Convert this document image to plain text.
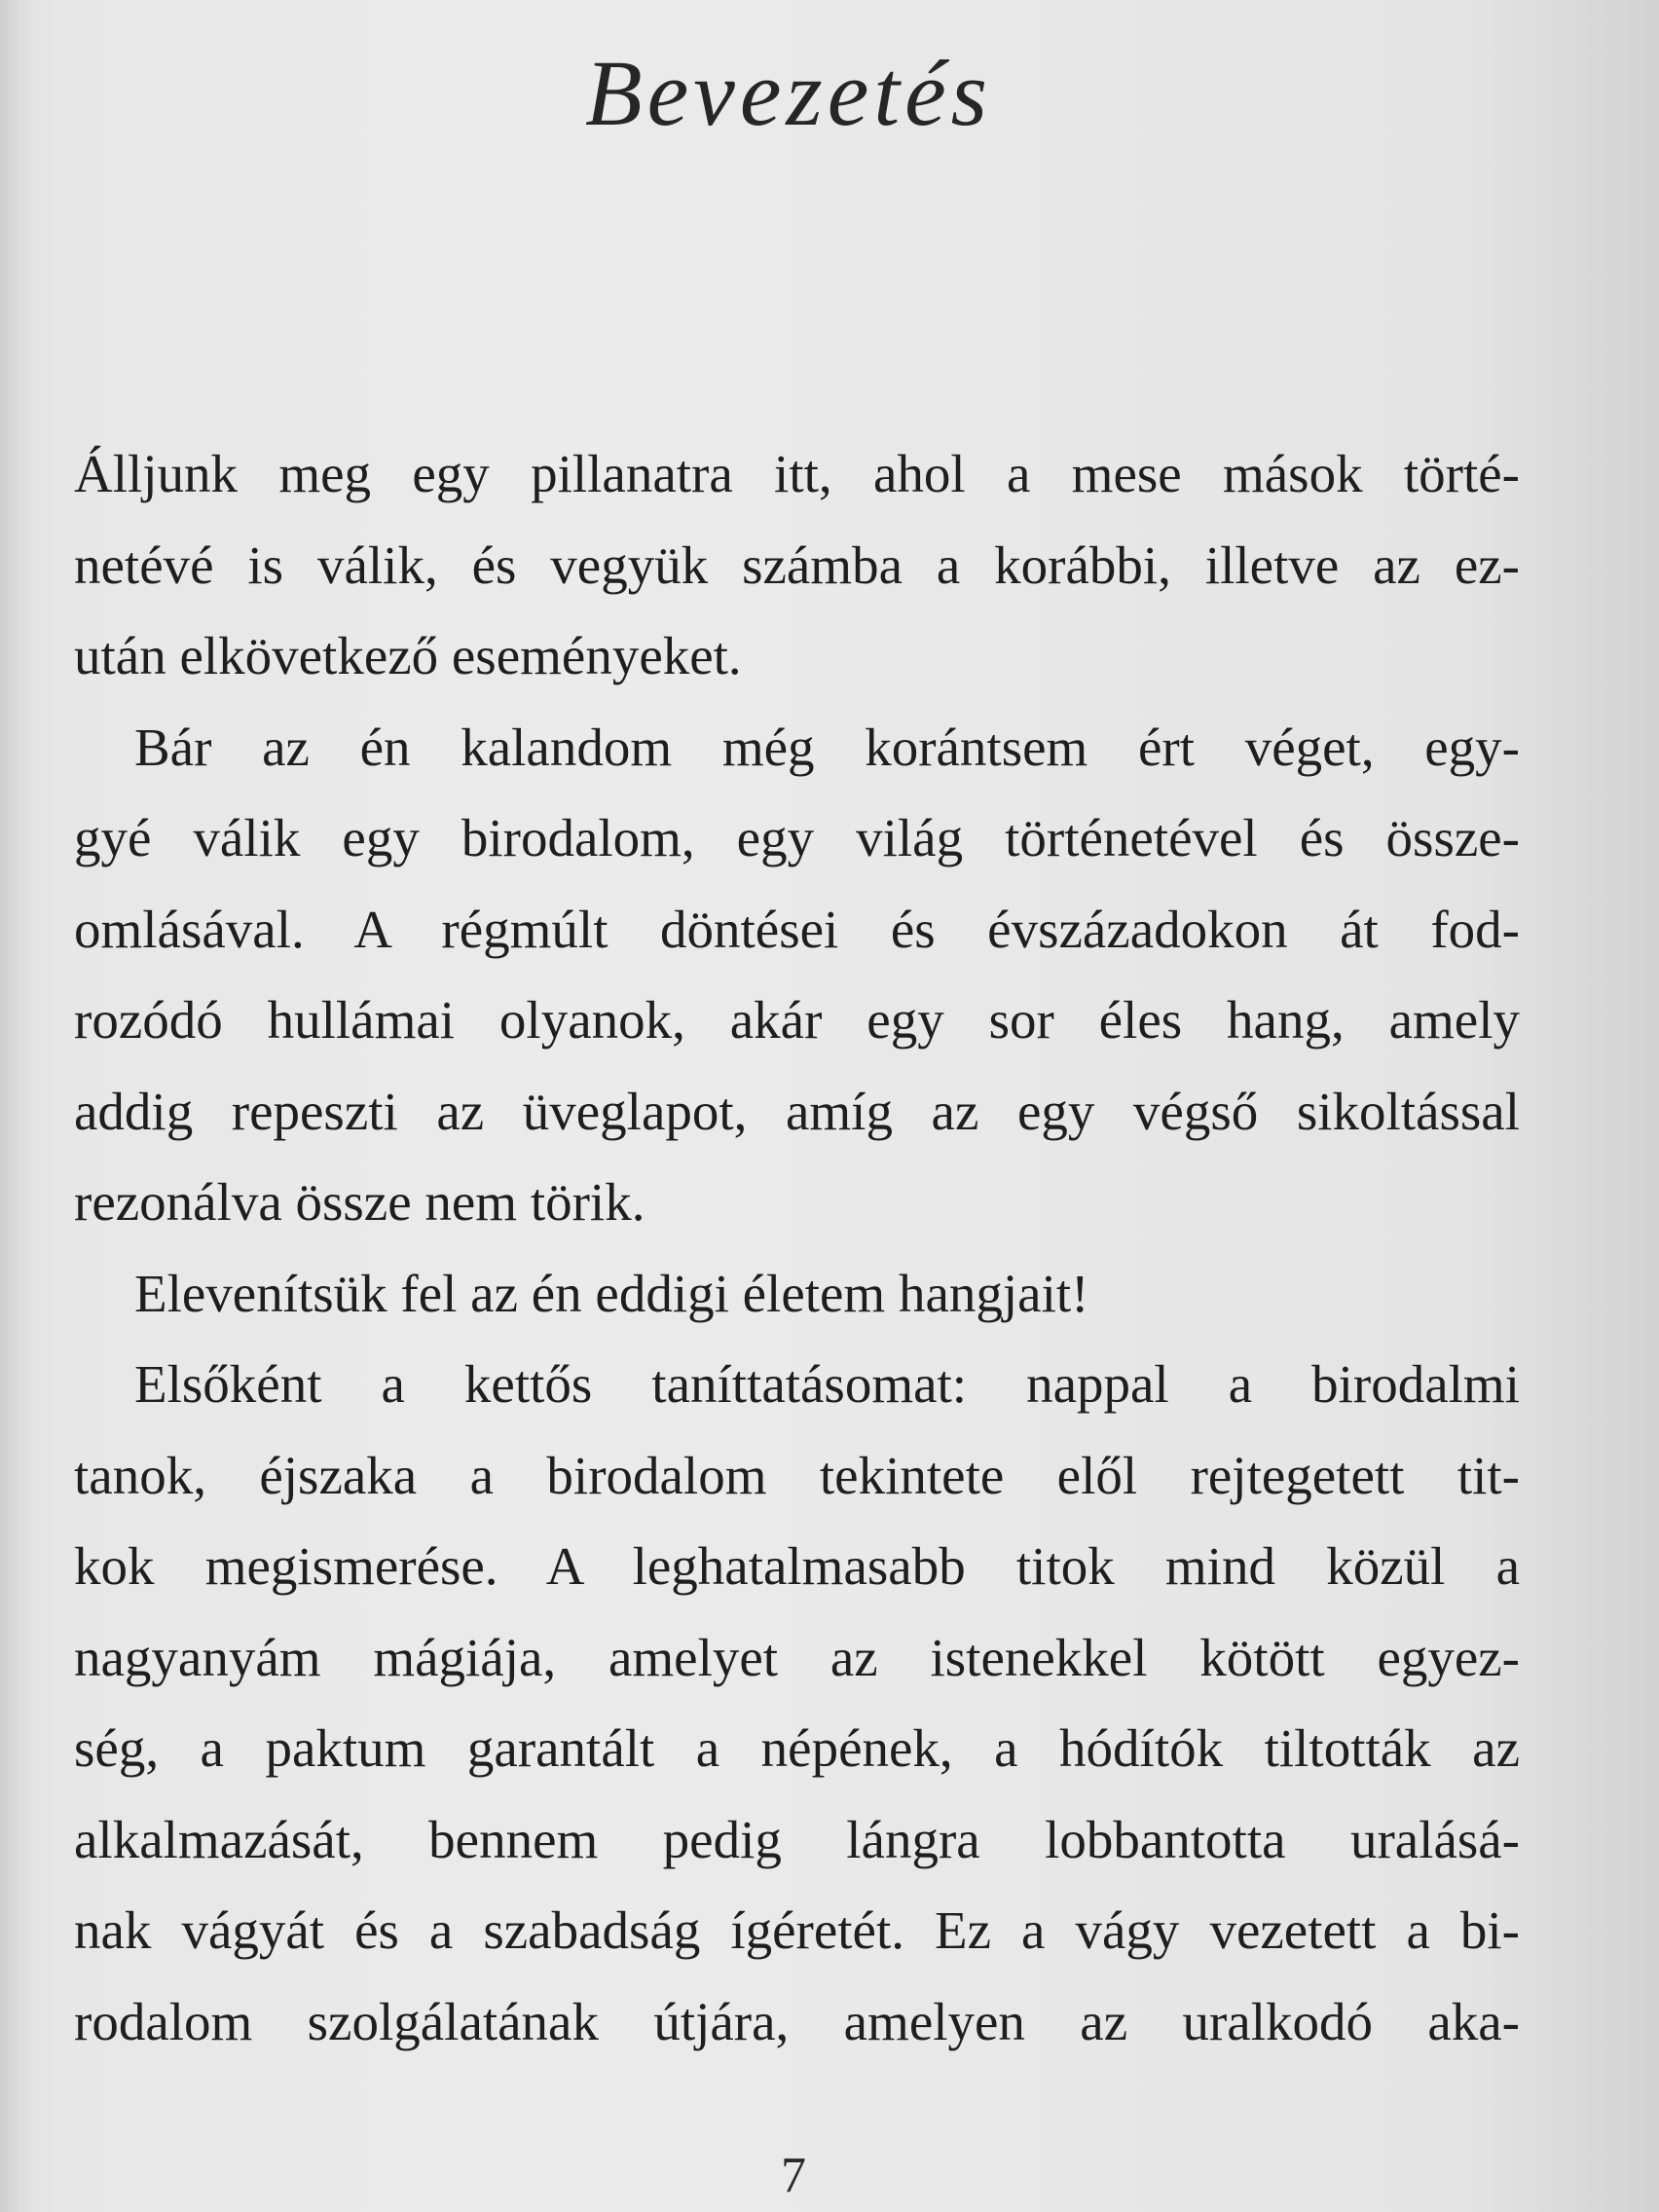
Bevezetés
Álljunk meg egy pillanatra itt, ahol a mese mások törté-
netévé is válik, és vegyük számba a korábbi, illetve az ez-
után elkövetkező eseményeket.
Bár az én kalandom még korántsem ért véget, egy-
gyé válik egy birodalom, egy világ történetével és össze-
omlásával. A régmúlt döntései és évszázadokon át fod-
rozódó hullámai olyanok, akár egy sor éles hang, amely
addig repeszti az üveglapot, amíg az egy végső sikoltással
rezonálva össze nem törik.
Elevenítsük fel az én eddigi életem hangjait!
Elsőként a kettős taníttatásomat: nappal a birodalmi
tanok, éjszaka a birodalom tekintete elől rejtegetett tit-
kok megismerése. A leghatalmasabb titok mind közül a
nagyanyám mágiája, amelyet az istenekkel kötött egyez-
ség, a paktum garantált a népének, a hódítók tiltották az
alkalmazását, bennem pedig lángra lobbantotta uralásá-
nak vágyát és a szabadság ígéretét. Ez a vágy vezetett a bi-
rodalom szolgálatának útjára, amelyen az uralkodó aka-
7
